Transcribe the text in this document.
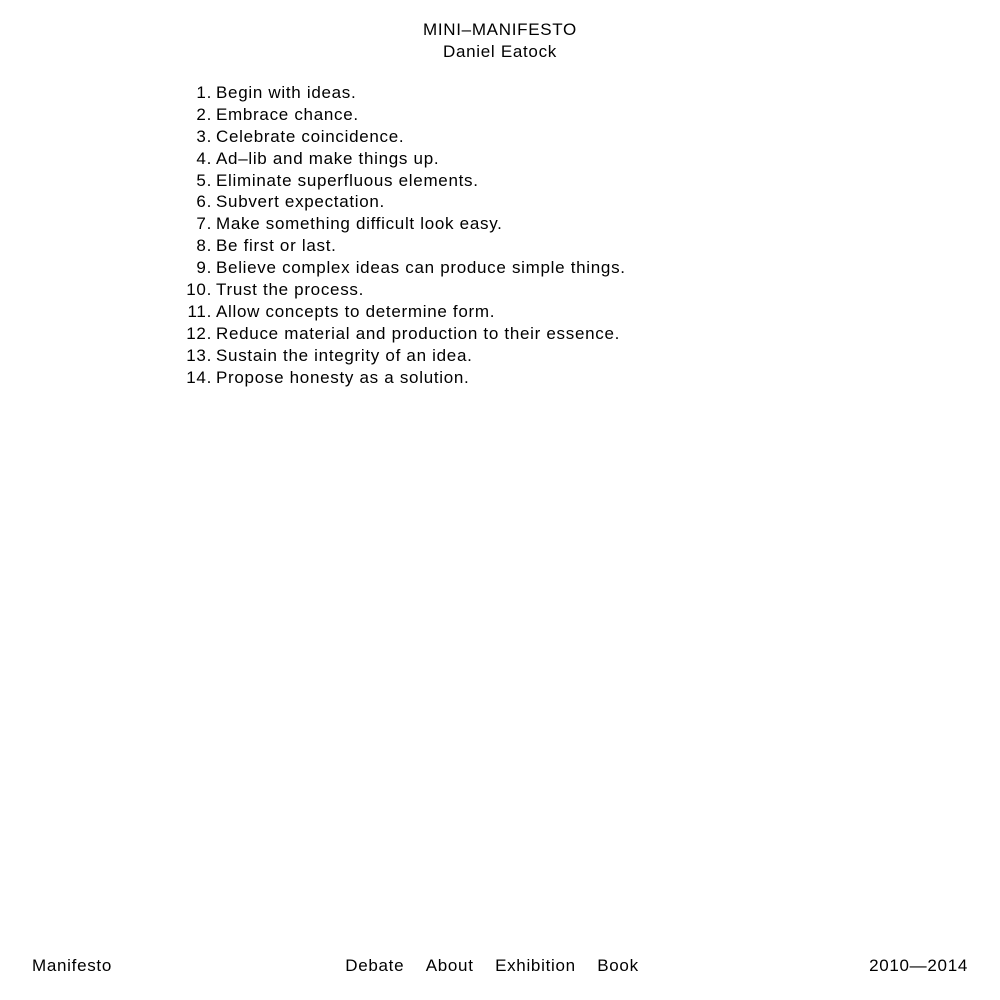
MINI–MANIFESTO
Daniel Eatock
1. Begin with ideas.
2. Embrace chance.
3. Celebrate coincidence.
4. Ad–lib and make things up.
5. Eliminate superfluous elements.
6. Subvert expectation.
7. Make something difficult look easy.
8. Be first or last.
9. Believe complex ideas can produce simple things.
10. Trust the process.
11. Allow concepts to determine form.
12. Reduce material and production to their essence.
13. Sustain the integrity of an idea.
14. Propose honesty as a solution.
Manifesto	Debate About Exhibition Book	2010—2014
